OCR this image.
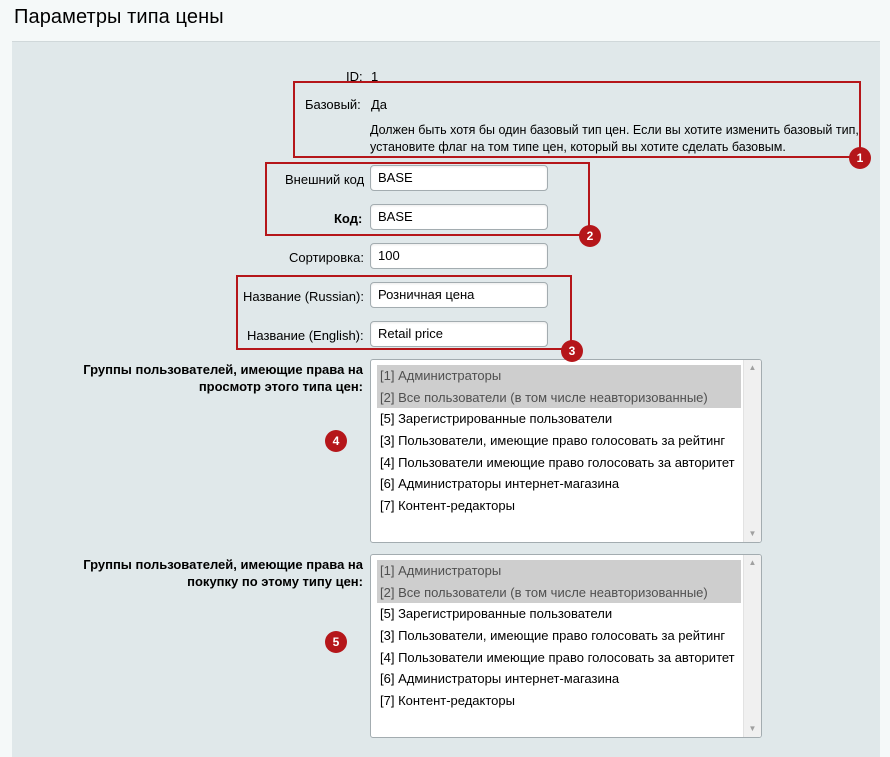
Параметры типа цены
ID: 1
Базовый: Да
Должен быть хотя бы один базовый тип цен. Если вы хотите изменить базовый тип, установите флаг на том типе цен, который вы хотите сделать базовым.
Внешний код	BASE
Код:	BASE
Сортировка:	100
Название (Russian):	Розничная цена
Название (English):	Retail price
Группы пользователей, имеющие права на просмотр этого типа цен:
[1] Администраторы
[2] Все пользователи (в том числе неавторизованные)
[5] Зарегистрированные пользователи
[3] Пользователи, имеющие право голосовать за рейтинг
[4] Пользователи имеющие право голосовать за авторитет
[6] Администраторы интернет-магазина
[7] Контент-редакторы
▲
▼
Группы пользователей, имеющие права на покупку по этому типу цен:
[1] Администраторы
[2] Все пользователи (в том числе неавторизованные)
[5] Зарегистрированные пользователи
[3] Пользователи, имеющие право голосовать за рейтинг
[4] Пользователи имеющие право голосовать за авторитет
[6] Администраторы интернет-магазина
[7] Контент-редакторы
▲
▼
1
2
3
4
5
